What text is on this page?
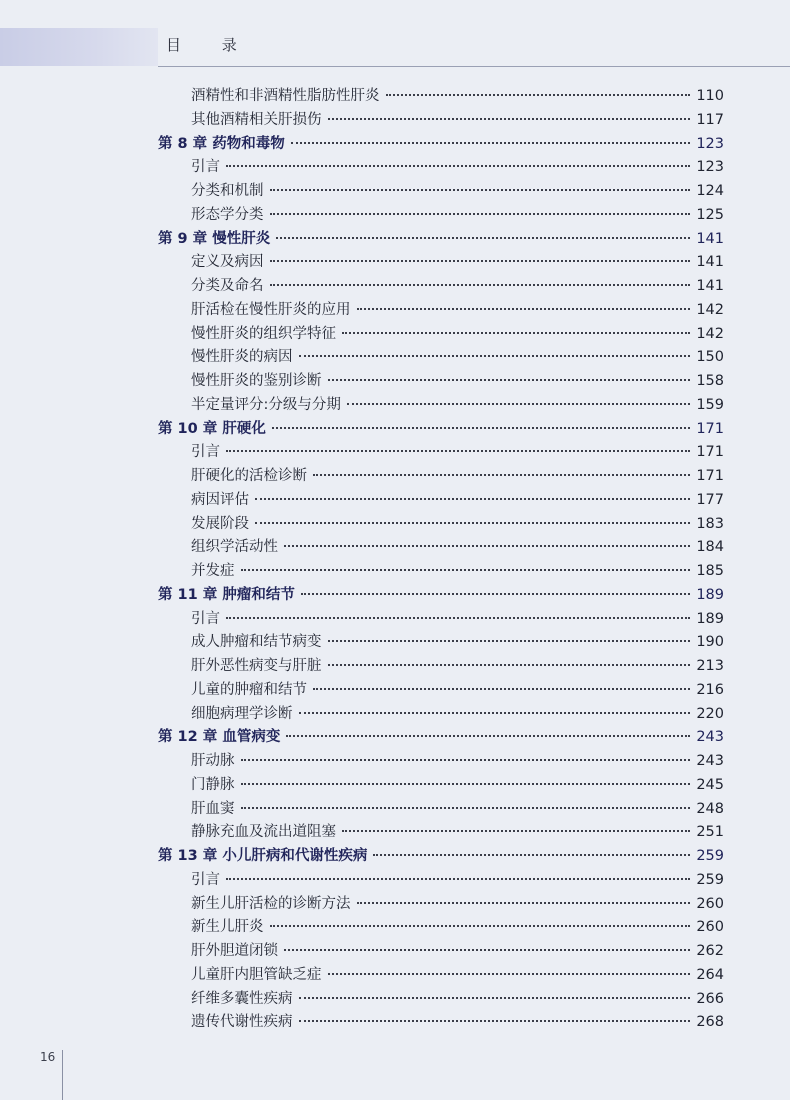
目 录
酒精性和非酒精性脂肪性肝炎	110
其他酒精相关肝损伤	117
第 8 章 药物和毒物	123
引言	123
分类和机制	124
形态学分类	125
第 9 章 慢性肝炎	141
定义及病因	141
分类及命名	141
肝活检在慢性肝炎的应用	142
慢性肝炎的组织学特征	142
慢性肝炎的病因	150
慢性肝炎的鉴别诊断	158
半定量评分:分级与分期	159
第 10 章 肝硬化	171
引言	171
肝硬化的活检诊断	171
病因评估	177
发展阶段	183
组织学活动性	184
并发症	185
第 11 章 肿瘤和结节	189
引言	189
成人肿瘤和结节病变	190
肝外恶性病变与肝脏	213
儿童的肿瘤和结节	216
细胞病理学诊断	220
第 12 章 血管病变	243
肝动脉	243
门静脉	245
肝血窦	248
静脉充血及流出道阻塞	251
第 13 章 小儿肝病和代谢性疾病	259
引言	259
新生儿肝活检的诊断方法	260
新生儿肝炎	260
肝外胆道闭锁	262
儿童肝内胆管缺乏症	264
纤维多囊性疾病	266
遗传代谢性疾病	268
16
